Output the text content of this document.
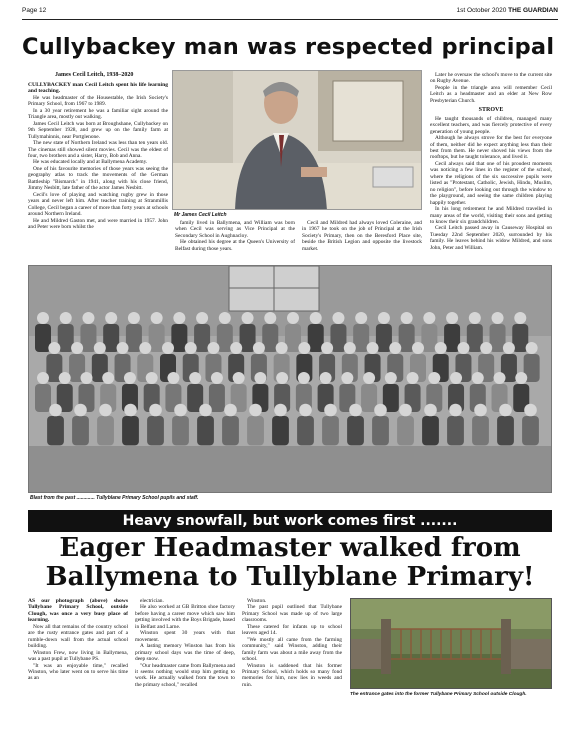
Page 12	1st October 2020 THE GUARDIAN
Cullybackey man was respected principal
James Cecil Leitch, 1938–2020

CULLYBACKEY man Cecil Leitch spent his life learning and teaching.

He was headmaster of the Housestable, the Irish Society's Primary School, from 1967 to 1989.

In a 30 year retirement he was a familiar sight around the Triangle area, mostly out walking.

James Cecil Leitch was born at Broughshane, Cullybackey on 9th September 1928, and grew up on the family farm at Tullymahinnis, near Portglenone.

The new state of Northern Ireland was less than ten years old. The cinemas still showed silent movies. Cecil was the eldest of four, two brothers and a sister, Harry, Bob and Anna.

He was educated locally and at Ballymena Academy.

One of his favourite memories of those years was seeing the geography atlas to track the movements of the German Battleship "Bismarck" in 1941, along with his close friend, Jimmy Nesbitt, late father of the actor James Nesbitt.

Cecil's love of playing and watching rugby grew in those years and never left him. After teacher training at Stranmillis College, Cecil began a career of more than forty years at schools around Northern Ireland.

He and Mildred Gaston met, and were married in 1957. John and Peter were born whilst the

Mr James Cecil Leitch

family lived in Ballymena, and William was born when Cecil was serving as Vice Principal at the Secondary School in Aughnacloy.

He obtained his degree at the Queen's University of Belfast during those years.

Cecil and Mildred had always loved Coleraine, and in 1967 he took on the job of Principal at the Irish Society's Primary, then on the Beresford Place site, beside the British Legion and opposite the livestock market.

Later he oversaw the school's move to the current site on Rugby Avenue.

People in the triangle area will remember Cecil Leitch as a headmaster and an elder at New Row Presbyterian Church.

STROVE

He taught thousands of children, managed many excellent teachers, and was fiercely protective of every generation of young people.

Although he always strove for the best for everyone of them, neither did he expect anything less than their best from them. He never shoved his views from the rooftops, but he taught tolerance, and lived it.

Cecil always said that one of his proudest moments was noticing a few lines in the register of the school, where the religions of the six successive pupils were listed as "Protestant, Catholic, Jewish, Hindu, Muslim, no religion", before looking out through the window to the playground, and seeing the same children playing happily together.

In his long retirement he and Mildred travelled in many areas of the world, visiting their sons and getting to know their six grandchildren.

Cecil Leitch passed away in Causeway Hospital on Tuesday 22nd September 2020, surrounded by his family. He leaves behind his widow Mildred, and sons John, Peter and William.

Blast from the past ............. Tullyblane Primary School pupils and staff.
Heavy snowfall, but work comes first .......
Eager Headmaster walked from
Ballymena to Tullyblane Primary!

AS our photograph (above) shows Tullybane Primary School, outside Clough, was once a very busy place of learning.

Now all that remains of the country school are the rusty entrance gates and part of a rumble-down wall from the actual school building.

Winston Frew, now living in Ballymena, was a past pupil at Tullybane PS.

"It was an enjoyable time," recalled Winston, who later went on to serve his time as an

electrician.

He also worked at GB Britton shoe factory before having a career move which saw him getting involved with the Boys Brigade, based in Belfast and Larne.

Winston spent 30 years with that movement.

A lasting memory Winston has from his primary school days was the time of deep, deep snow.

"Our headmaster came from Ballymena and it seems nothing would stop him getting to work. He actually walked from the town to the primary school," recalled

Winston.

The past pupil outlined that Tullybane Primary School was made up of two large classrooms.

These catered for infants up to school leavers aged 14.

"We mostly all came from the farming community," said Winston, adding their family farm was about a mile away from the school.

Winston is saddened that his former Primary School, which holds so many fond memories for him, now lies in weeds and ruin.

The entrance gates into the former Tullybane Primary School outside Clough.
